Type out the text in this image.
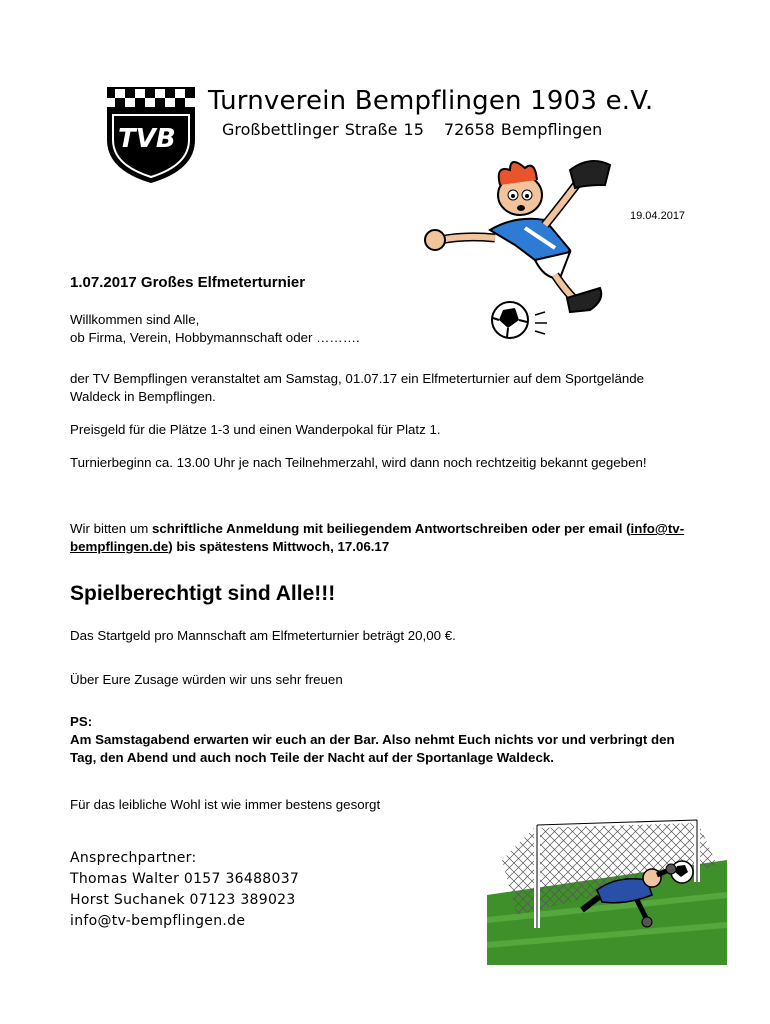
TVB
Turnverein Bempflingen 1903 e.V.
Großbettlinger Straße 15 72658 Bempflingen
19.04.2017
1.07.2017 Großes Elfmeterturnier
Willkommen sind Alle,
ob Firma, Verein, Hobbymannschaft oder ……….
der TV Bempflingen veranstaltet am Samstag, 01.07.17 ein Elfmeterturnier auf dem Sportgelände Waldeck in Bempflingen.
Preisgeld für die Plätze 1-3 und einen Wanderpokal für Platz 1.
Turnierbeginn ca. 13.00 Uhr je nach Teilnehmerzahl, wird dann noch rechtzeitig bekannt gegeben!
Wir bitten um schriftliche Anmeldung mit beiliegendem Antwortschreiben oder per email (info@tv-bempflingen.de) bis spätestens Mittwoch, 17.06.17
Spielberechtigt sind Alle!!!
Das Startgeld pro Mannschaft am Elfmeterturnier beträgt 20,00 €.
Über Eure Zusage würden wir uns sehr freuen
PS:
Am Samstagabend erwarten wir euch an der Bar. Also nehmt Euch nichts vor und verbringt den Tag, den Abend und auch noch Teile der Nacht auf der Sportanlage Waldeck.
Für das leibliche Wohl ist wie immer bestens gesorgt
Ansprechpartner:
Thomas Walter 0157 36488037
Horst Suchanek 07123 389023
info@tv-bempflingen.de
